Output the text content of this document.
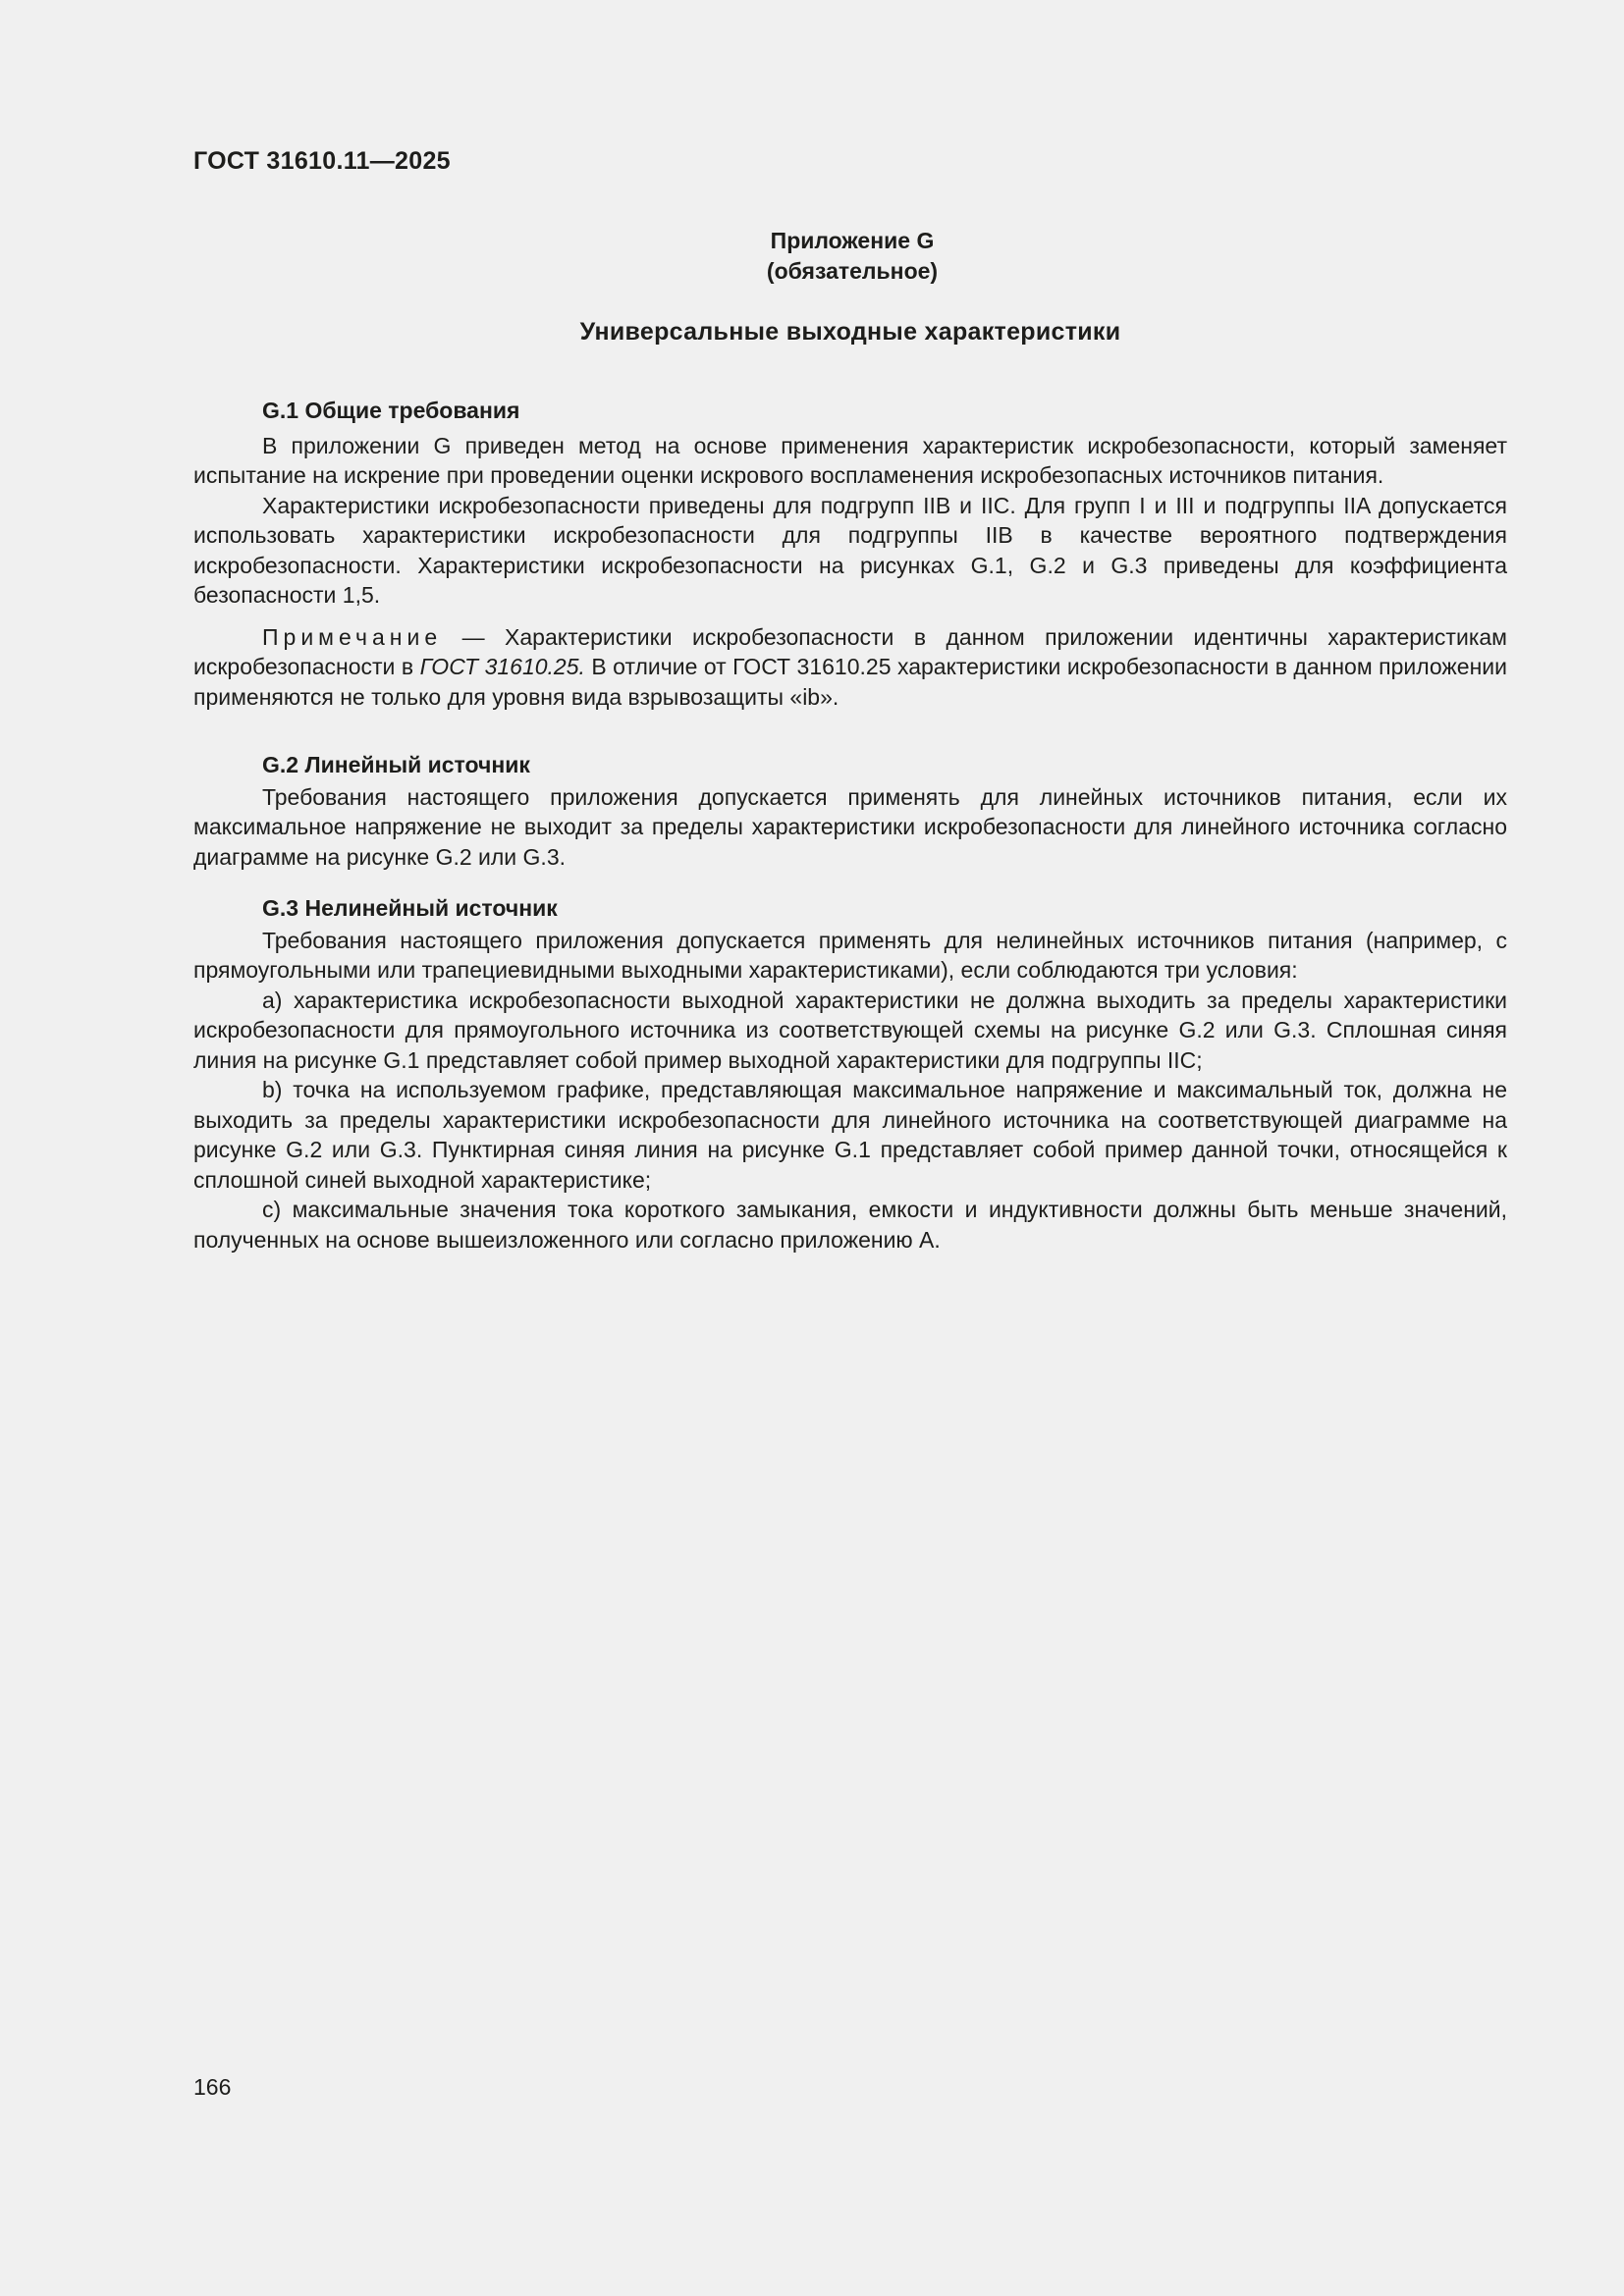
ГОСТ 31610.11—2025
Приложение G
(обязательное)
Универсальные выходные характеристики
G.1 Общие требования

В приложении G приведен метод на основе применения характеристик искробезопасности, который заменяет испытание на искрение при проведении оценки искрового воспламенения искробезопасных источников питания.

Характеристики искробезопасности приведены для подгрупп IIB и IIC. Для групп I и III и подгруппы IIA допускается использовать характеристики искробезопасности для подгруппы IIB в качестве вероятного подтверждения искробезопасности. Характеристики искробезопасности на рисунках G.1, G.2 и G.3 приведены для коэффициента безопасности 1,5.

Примечание — Характеристики искробезопасности в данном приложении идентичны характеристикам искробезопасности в ГОСТ 31610.25. В отличие от ГОСТ 31610.25 характеристики искробезопасности в данном приложении применяются не только для уровня вида взрывозащиты «ib».

G.2 Линейный источник

Требования настоящего приложения допускается применять для линейных источников питания, если их максимальное напряжение не выходит за пределы характеристики искробезопасности для линейного источника согласно диаграмме на рисунке G.2 или G.3.

G.3 Нелинейный источник

Требования настоящего приложения допускается применять для нелинейных источников питания (например, с прямоугольными или трапециевидными выходными характеристиками), если соблюдаются три условия:

а) характеристика искробезопасности выходной характеристики не должна выходить за пределы характеристики искробезопасности для прямоугольного источника из соответствующей схемы на рисунке G.2 или G.3. Сплошная синяя линия на рисунке G.1 представляет собой пример выходной характеристики для подгруппы IIC;

b) точка на используемом графике, представляющая максимальное напряжение и максимальный ток, должна не выходить за пределы характеристики искробезопасности для линейного источника на соответствующей диаграмме на рисунке G.2 или G.3. Пунктирная синяя линия на рисунке G.1 представляет собой пример данной точки, относящейся к сплошной синей выходной характеристике;

с) максимальные значения тока короткого замыкания, емкости и индуктивности должны быть меньше значений, полученных на основе вышеизложенного или согласно приложению А.

166
